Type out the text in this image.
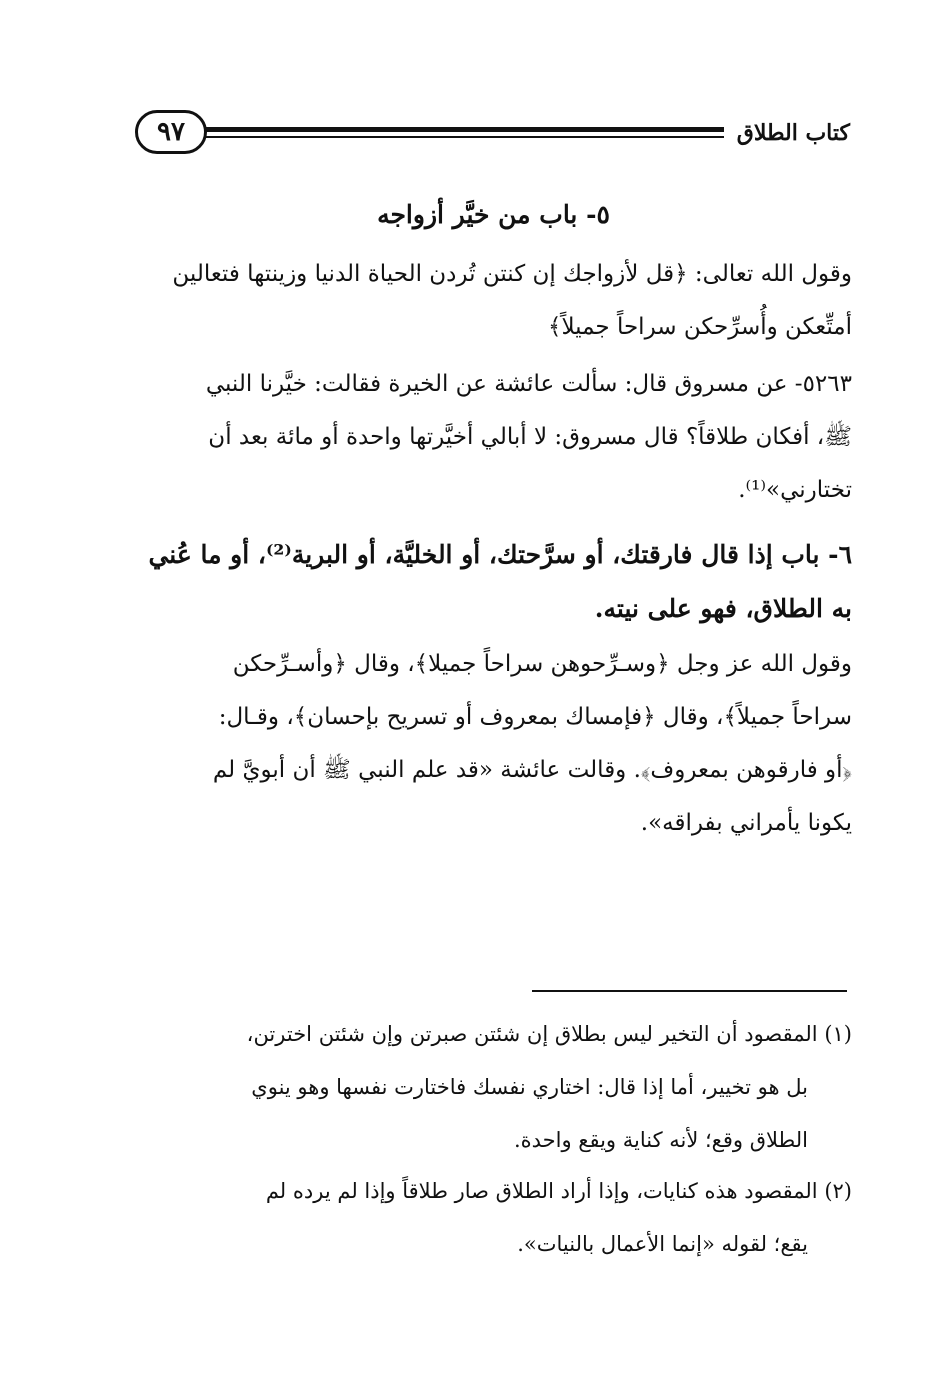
كتاب الطلاق
٩٧
٥- باب من خيَّر أزواجه
وقول الله تعالى: ﴿قل لأزواجك إن كنتن تُردن الحياة الدنيا وزينتها فتعالين
أمتِّعكن وأُسرِّحكن سراحاً جميلاً﴾
٥٢٦٣- عن مسروق قال: سألت عائشة عن الخيرة فقالت: خيَّرنا النبي
ﷺ، أفكان طلاقاً؟ قال مسروق: لا أبالي أخيَّرتها واحدة أو مائة بعد أن
تختارني»⁽¹⁾.
٦- باب إذا قال فارقتك، أو سرَّحتك، أو الخليَّة، أو البرية⁽²⁾، أو ما عُني
به الطلاق، فهو على نيته.
وقول الله عز وجل ﴿وسـرِّحوهن سراحاً جميلا﴾، وقال ﴿وأسـرِّحكن
سراحاً جميلاً﴾، وقال ﴿فإمساك بمعروف أو تسريح بإحسان﴾، وقـال:
﴿أو فارقوهن بمعروف﴾. وقالت عائشة «قد علم النبي ﷺ أن أبويَّ لم
يكونا يأمراني بفراقه».
(١) المقصود أن التخير ليس بطلاق إن شئتن صبرتن وإن شئتن اخترتن،
بل هو تخيير، أما إذا قال: اختاري نفسك فاختارت نفسها وهو ينوي
الطلاق وقع؛ لأنه كناية ويقع واحدة.
(٢) المقصود هذه كنايات، وإذا أراد الطلاق صار طلاقاً وإذا لم يرده لم
يقع؛ لقوله «إنما الأعمال بالنيات».
